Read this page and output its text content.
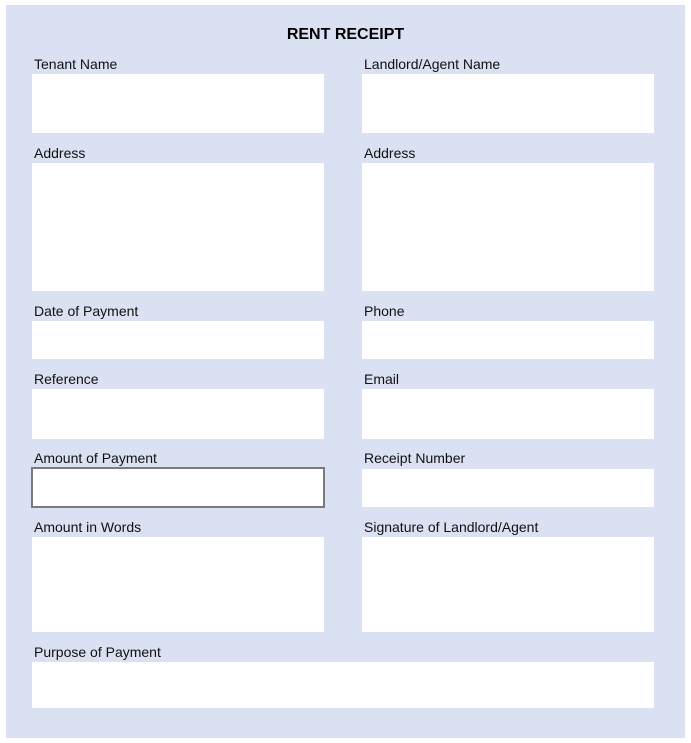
RENT RECEIPT
Tenant Name	Landlord/Agent Name
Address	Address
Date of Payment	Phone
Reference	Email
Amount of Payment	Receipt Number
Amount in Words	Signature of Landlord/Agent
Purpose of Payment
